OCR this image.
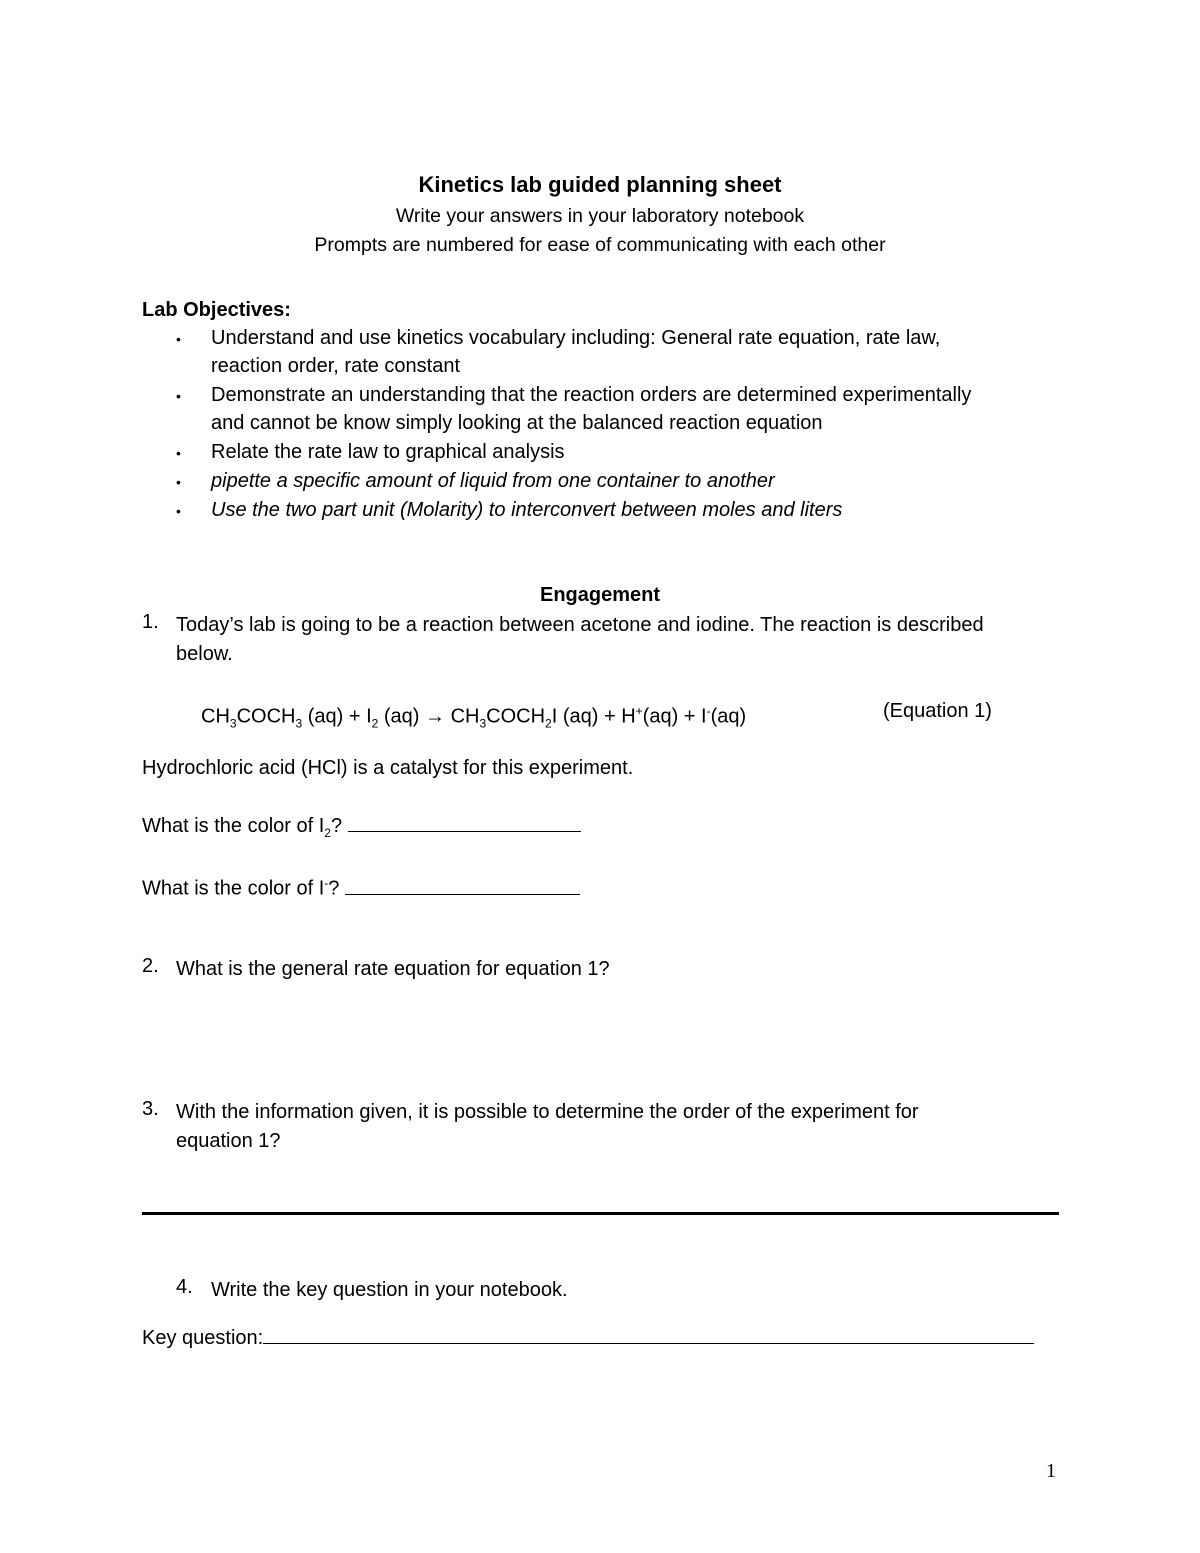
Kinetics lab guided planning sheet
Write your answers in your laboratory notebook
Prompts are numbered for ease of communicating with each other
Lab Objectives:
• Understand and use kinetics vocabulary including: General rate equation, rate law,
reaction order, rate constant
• Demonstrate an understanding that the reaction orders are determined experimentally
and cannot be know simply looking at the balanced reaction equation
• Relate the rate law to graphical analysis
• pipette a specific amount of liquid from one container to another
• Use the two part unit (Molarity) to interconvert between moles and liters
Engagement
1. Today’s lab is going to be a reaction between acetone and iodine. The reaction is described
below.
$CH_3COCH_3$ $(aq) + I_2$ $(aq) \to CH_3COCH_2I$ (aq) + H+(aq) + I-(aq)	(Equation 1)
Hydrochloric acid (HCl) is a catalyst for this experiment.
What is the color of $I_2$?
What is the color of I-?
2. What is the general rate equation for equation 1?
3. With the information given, it is possible to determine the order of the experiment for
equation 1?
4. Write the key question in your notebook.
Key question:
1
